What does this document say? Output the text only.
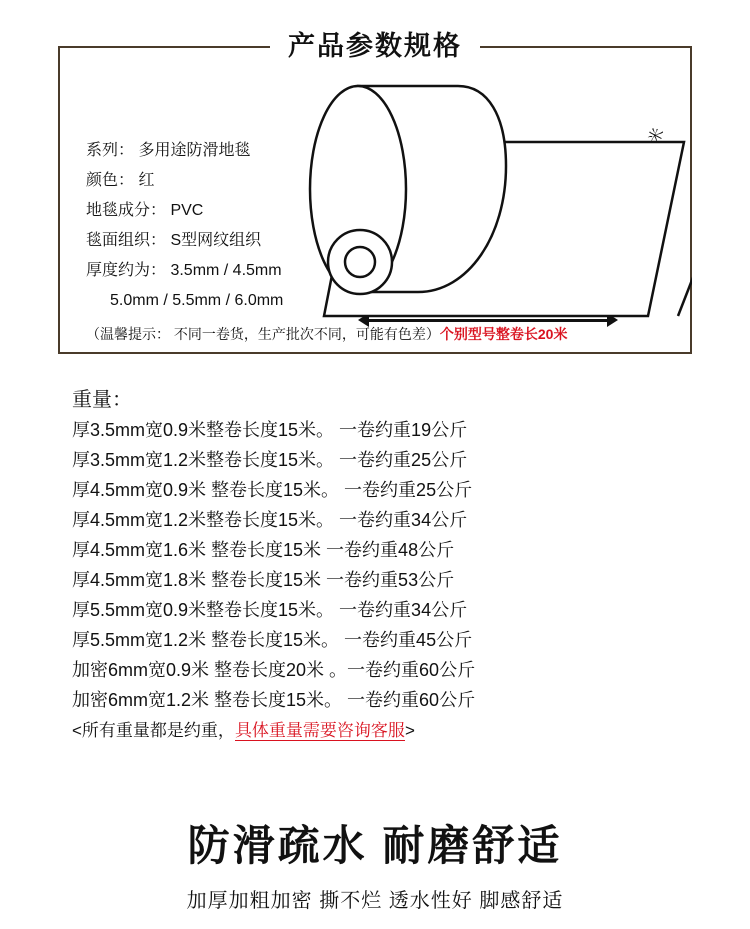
产品参数规格
系列： 多用途防滑地毯
颜色： 红
地毯成分： PVC
毯面组织： S型网纹组织
厚度约为： 3.5mm / 4.5mm
5.0mm / 5.5mm / 6.0mm
（温馨提示： 不同一卷货，生产批次不同，可能有色差）个别型号整卷长20米
重量：
厚3.5mm宽0.9米整卷长度15米。 一卷约重19公斤
厚3.5mm宽1.2米整卷长度15米。 一卷约重25公斤
厚4.5mm宽0.9米 整卷长度15米。 一卷约重25公斤
厚4.5mm宽1.2米整卷长度15米。 一卷约重34公斤
厚4.5mm宽1.6米 整卷长度15米 一卷约重48公斤
厚4.5mm宽1.8米 整卷长度15米 一卷约重53公斤
厚5.5mm宽0.9米整卷长度15米。 一卷约重34公斤
厚5.5mm宽1.2米 整卷长度15米。 一卷约重45公斤
加密6mm宽0.9米 整卷长度20米 。一卷约重60公斤
加密6mm宽1.2米 整卷长度15米。 一卷约重60公斤
<所有重量都是约重，具体重量需要咨询客服>
防滑疏水 耐磨舒适
加厚加粗加密 撕不烂 透水性好 脚感舒适
